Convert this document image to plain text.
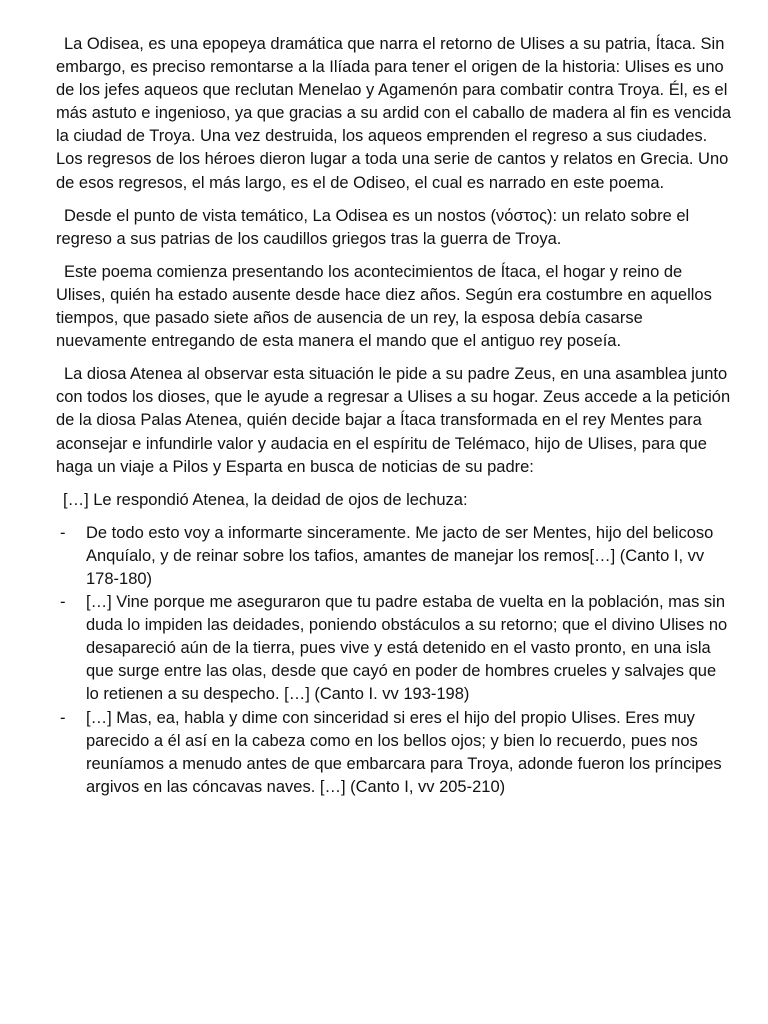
La Odisea, es una epopeya dramática que narra el retorno de Ulises a su patria, Ítaca. Sin embargo, es preciso remontarse a la Ilíada para tener el origen de la historia: Ulises es uno de los jefes aqueos que reclutan Menelao y Agamenón para combatir contra Troya. Él, es el más astuto e ingenioso, ya que gracias a su ardid con el caballo de madera al fin es vencida la ciudad de Troya. Una vez destruida, los aqueos emprenden el regreso a sus ciudades. Los regresos de los héroes dieron lugar a toda una serie de cantos y relatos en Grecia. Uno de esos regresos, el más largo, es el de Odiseo, el cual es narrado en este poema.

Desde el punto de vista temático, La Odisea es un nostos (νόστος): un relato sobre el regreso a sus patrias de los caudillos griegos tras la guerra de Troya.

Este poema comienza presentando los acontecimientos de Ítaca, el hogar y reino de Ulises, quién ha estado ausente desde hace diez años. Según era costumbre en aquellos tiempos, que pasado siete años de ausencia de un rey, la esposa debía casarse nuevamente entregando de esta manera el mando que el antiguo rey poseía.

La diosa Atenea al observar esta situación le pide a su padre Zeus, en una asamblea junto con todos los dioses, que le ayude a regresar a Ulises a su hogar. Zeus accede a la petición de la diosa Palas Atenea, quién decide bajar a Ítaca transformada en el rey Mentes para aconsejar e infundirle valor y audacia en el espíritu de Telémaco, hijo de Ulises, para que haga un viaje a Pilos y Esparta en busca de noticias de su padre:

[…] Le respondió Atenea, la deidad de ojos de lechuza:

- De todo esto voy a informarte sinceramente. Me jacto de ser Mentes, hijo del belicoso Anquíalo, y de reinar sobre los tafios, amantes de manejar los remos[…] (Canto I, vv 178-180)
- […] Vine porque me aseguraron que tu padre estaba de vuelta en la población, mas sin duda lo impiden las deidades, poniendo obstáculos a su retorno; que el divino Ulises no desapareció aún de la tierra, pues vive y está detenido en el vasto pronto, en una isla que surge entre las olas, desde que cayó en poder de hombres crueles y salvajes que lo retienen a su despecho. […] (Canto I. vv 193-198)
- […] Mas, ea, habla y dime con sinceridad si eres el hijo del propio Ulises. Eres muy parecido a él así en la cabeza como en los bellos ojos; y bien lo recuerdo, pues nos reuníamos a menudo antes de que embarcara para Troya, adonde fueron los príncipes argivos en las cóncavas naves. […] (Canto I, vv 205-210)
